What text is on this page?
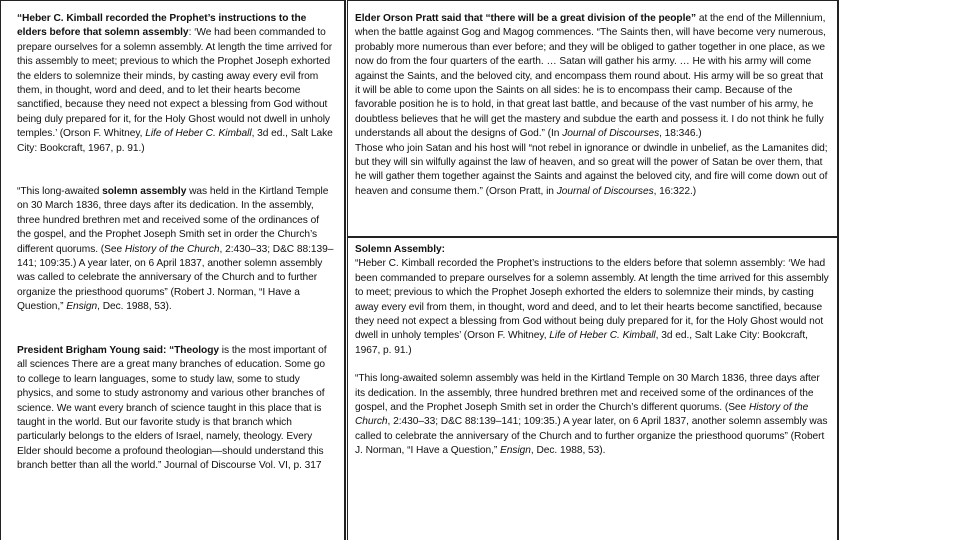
“Heber C. Kimball recorded the Prophet’s instructions to the elders before that solemn assembly: ‘We had been commanded to prepare ourselves for a solemn assembly. At length the time arrived for this assembly to meet; previous to which the Prophet Joseph exhorted the elders to solemnize their minds, by casting away every evil from them, in thought, word and deed, and to let their hearts become sanctified, because they need not expect a blessing from God without being duly prepared for it, for the Holy Ghost would not dwell in unholy temples.’ (Orson F. Whitney, Life of Heber C. Kimball, 3d ed., Salt Lake City: Bookcraft, 1967, p. 91.)

“This long-awaited solemn assembly was held in the Kirtland Temple on 30 March 1836, three days after its dedication. In the assembly, three hundred brethren met and received some of the ordinances of the gospel, and the Prophet Joseph Smith set in order the Church’s different quorums. (See History of the Church, 2:430–33; D&C 88:139–141; 109:35.) A year later, on 6 April 1837, another solemn assembly was called to celebrate the anniversary of the Church and to further organize the priesthood quorums” (Robert J. Norman, “I Have a Question,” Ensign, Dec. 1988, 53).

President Brigham Young said: “Theology is the most important of all sciences There are a great many branches of education. Some go to college to learn languages, some to study law, some to study physics, and some to study astronomy and various other branches of science. We want every branch of science taught in this place that is taught in the world. But our favorite study is that branch which particularly belongs to the elders of Israel, namely, theology. Every Elder should become a profound theologian—should understand this branch better than all the world.” Journal of Discourse Vol. VI, p. 317

Elder Orson Pratt said that “there will be a great division of the people” at the end of the Millennium, when the battle against Gog and Magog commences. “The Saints then, will have become very numerous, probably more numerous than ever before; and they will be obliged to gather together in one place, as we now do from the four quarters of the earth. … Satan will gather his army. … He with his army will come against the Saints, and the beloved city, and encompass them round about. His army will be so great that it will be able to come upon the Saints on all sides: he is to encompass their camp. Because of the favorable position he is to hold, in that great last battle, and because of the vast number of his army, he doubtless believes that he will get the mastery and subdue the earth and possess it. I do not think he fully understands all about the designs of God.” (In Journal of Discourses, 18:346.)

Those who join Satan and his host will “not rebel in ignorance or dwindle in unbelief, as the Lamanites did; but they will sin wilfully against the law of heaven, and so great will the power of Satan be over them, that he will gather them together against the Saints and against the beloved city, and fire will come down out of heaven and consume them.” (Orson Pratt, in Journal of Discourses, 16:322.)

Solemn Assembly:

“Heber C. Kimball recorded the Prophet’s instructions to the elders before that solemn assembly: ‘We had been commanded to prepare ourselves for a solemn assembly. At length the time arrived for this assembly to meet; previous to which the Prophet Joseph exhorted the elders to solemnize their minds, by casting away every evil from them, in thought, word and deed, and to let their hearts become sanctified, because they need not expect a blessing from God without being duly prepared for it, for the Holy Ghost would not dwell in unholy temples’ (Orson F. Whitney, Life of Heber C. Kimball, 3d ed., Salt Lake City: Bookcraft, 1967, p. 91.)

“This long-awaited solemn assembly was held in the Kirtland Temple on 30 March 1836, three days after its dedication. In the assembly, three hundred brethren met and received some of the ordinances of the gospel, and the Prophet Joseph Smith set in order the Church’s different quorums. (See History of the Church, 2:430–33; D&C 88:139–141; 109:35.) A year later, on 6 April 1837, another solemn assembly was called to celebrate the anniversary of the Church and to further organize the priesthood quorums” (Robert J. Norman, “I Have a Question,” Ensign, Dec. 1988, 53).
